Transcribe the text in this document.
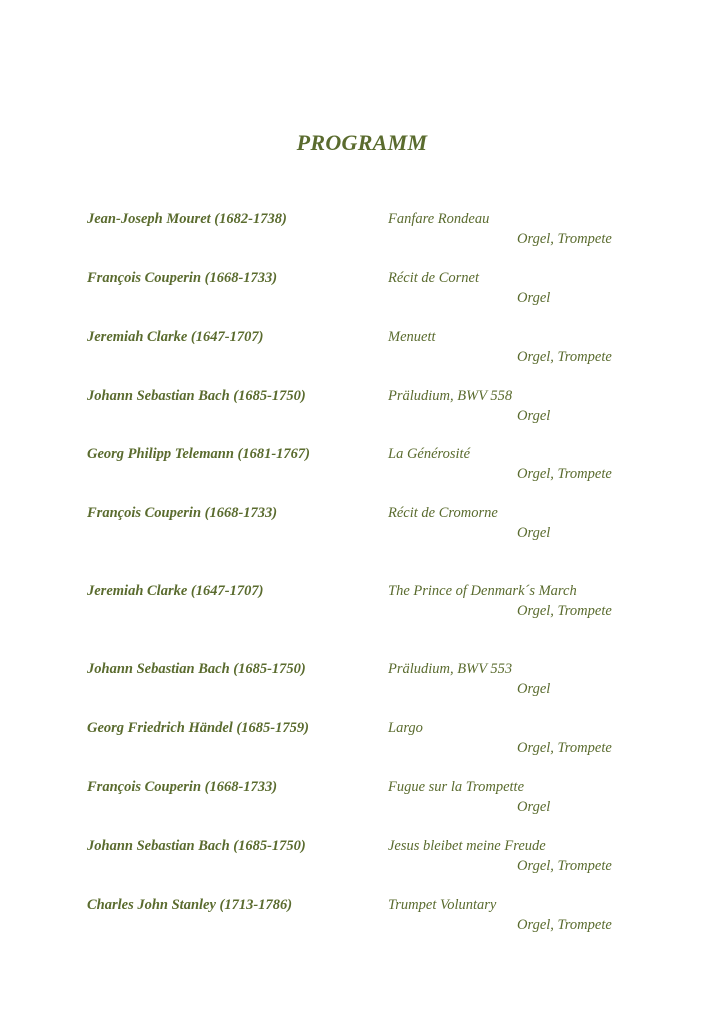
PROGRAMM
Jean-Joseph Mouret (1682-1738)	Fanfare Rondeau
Orgel, Trompete
François Couperin (1668-1733)	Récit de Cornet
Orgel
Jeremiah Clarke (1647-1707)	Menuett
Orgel, Trompete
Johann Sebastian Bach (1685-1750)	Präludium, BWV 558
Orgel
Georg Philipp Telemann (1681-1767)	La Générosité
Orgel, Trompete
François Couperin (1668-1733)	Récit de Cromorne
Orgel
Jeremiah Clarke (1647-1707)	The Prince of Denmark´s March
Orgel, Trompete
Johann Sebastian Bach (1685-1750)	Präludium, BWV 553
Orgel
Georg Friedrich Händel (1685-1759)	Largo
Orgel, Trompete
François Couperin (1668-1733)	Fugue sur la Trompette
Orgel
Johann Sebastian Bach (1685-1750)	Jesus bleibet meine Freude
Orgel, Trompete
Charles John Stanley (1713-1786)	Trumpet Voluntary
Orgel, Trompete
